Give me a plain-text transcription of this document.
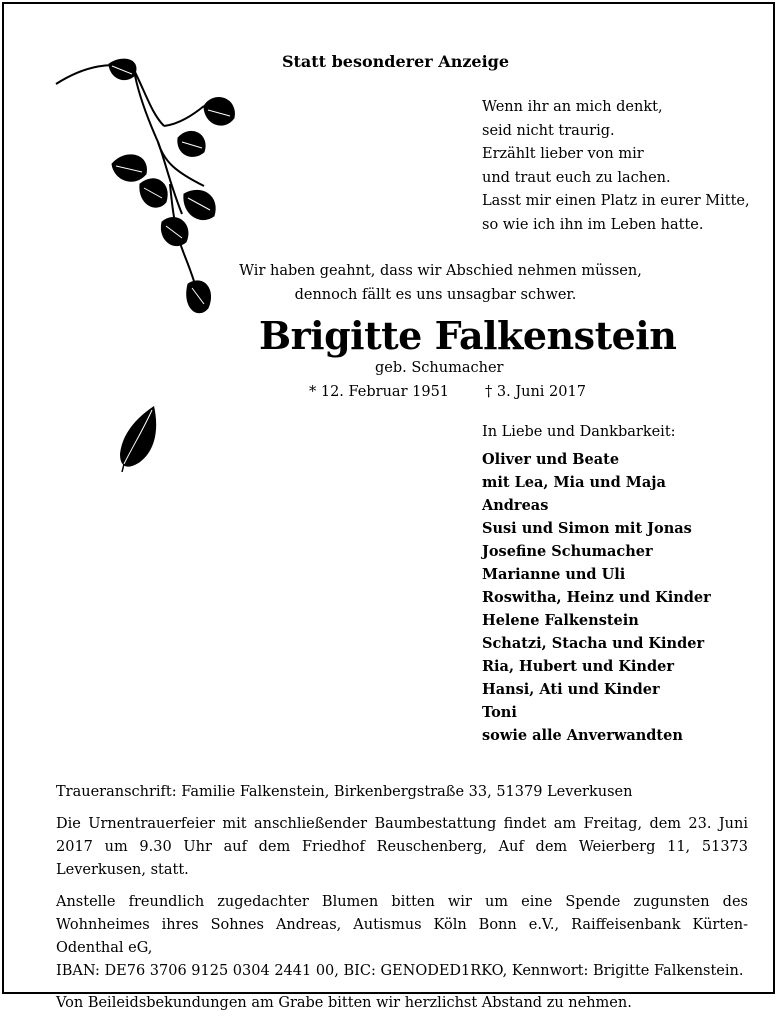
Statt besonderer Anzeige
Wenn ihr an mich denkt,
seid nicht traurig.
Erzählt lieber von mir
und traut euch zu lachen.
Lasst mir einen Platz in eurer Mitte,
so wie ich ihn im Leben hatte.
Wir haben geahnt, dass wir Abschied nehmen müssen,
dennoch fällt es uns unsagbar schwer.
Brigitte Falkenstein
geb. Schumacher
* 12. Februar 1951 † 3. Juni 2017
In Liebe und Dankbarkeit:
Oliver und Beate
mit Lea, Mia und Maja
Andreas
Susi und Simon mit Jonas
Josefine Schumacher
Marianne und Uli
Roswitha, Heinz und Kinder
Helene Falkenstein
Schatzi, Stacha und Kinder
Ria, Hubert und Kinder
Hansi, Ati und Kinder
Toni
sowie alle Anverwandten

Traueranschrift: Familie Falkenstein, Birkenbergstraße 33, 51379 Leverkusen

Die Urnentrauerfeier mit anschließender Baumbestattung findet am Freitag, dem 23. Juni 2017 um 9.30 Uhr auf dem Friedhof Reuschenberg, Auf dem Weierberg 11, 51373 Leverkusen, statt.

Anstelle freundlich zugedachter Blumen bitten wir um eine Spende zugunsten des Wohnheimes ihres Sohnes Andreas, Autismus Köln Bonn e.V., Raiffeisenbank Kürten-Odenthal eG,
IBAN: DE76 3706 9125 0304 2441 00, BIC: GENODED1RKO, Kennwort: Brigitte Falkenstein.

Von Beileidsbekundungen am Grabe bitten wir herzlichst Abstand zu nehmen.
